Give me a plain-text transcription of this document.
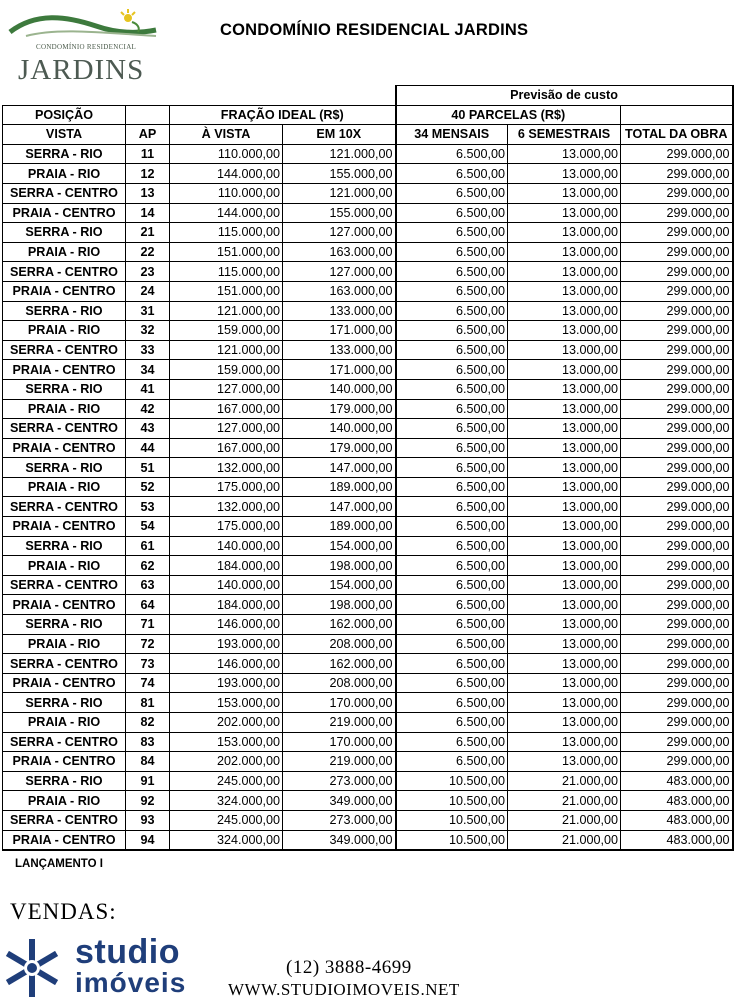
CONDOMÍNIO RESIDENCIAL
JARDINS
CONDOMÍNIO RESIDENCIAL JARDINS
				Previsão de custo		
POSIÇÃO		FRAÇÃO IDEAL (R$)		40 PARCELAS (R$)		
VISTA	AP	À VISTA	EM 10X	34 MENSAIS	6 SEMESTRAIS	TOTAL DA OBRA
SERRA - RIO	11	110.000,00	121.000,00	6.500,00	13.000,00	299.000,00
PRAIA - RIO	12	144.000,00	155.000,00	6.500,00	13.000,00	299.000,00
SERRA - CENTRO	13	110.000,00	121.000,00	6.500,00	13.000,00	299.000,00
PRAIA - CENTRO	14	144.000,00	155.000,00	6.500,00	13.000,00	299.000,00
SERRA - RIO	21	115.000,00	127.000,00	6.500,00	13.000,00	299.000,00
PRAIA - RIO	22	151.000,00	163.000,00	6.500,00	13.000,00	299.000,00
SERRA - CENTRO	23	115.000,00	127.000,00	6.500,00	13.000,00	299.000,00
PRAIA - CENTRO	24	151.000,00	163.000,00	6.500,00	13.000,00	299.000,00
SERRA - RIO	31	121.000,00	133.000,00	6.500,00	13.000,00	299.000,00
PRAIA - RIO	32	159.000,00	171.000,00	6.500,00	13.000,00	299.000,00
SERRA - CENTRO	33	121.000,00	133.000,00	6.500,00	13.000,00	299.000,00
PRAIA - CENTRO	34	159.000,00	171.000,00	6.500,00	13.000,00	299.000,00
SERRA - RIO	41	127.000,00	140.000,00	6.500,00	13.000,00	299.000,00
PRAIA - RIO	42	167.000,00	179.000,00	6.500,00	13.000,00	299.000,00
SERRA - CENTRO	43	127.000,00	140.000,00	6.500,00	13.000,00	299.000,00
PRAIA - CENTRO	44	167.000,00	179.000,00	6.500,00	13.000,00	299.000,00
SERRA - RIO	51	132.000,00	147.000,00	6.500,00	13.000,00	299.000,00
PRAIA - RIO	52	175.000,00	189.000,00	6.500,00	13.000,00	299.000,00
SERRA - CENTRO	53	132.000,00	147.000,00	6.500,00	13.000,00	299.000,00
PRAIA - CENTRO	54	175.000,00	189.000,00	6.500,00	13.000,00	299.000,00
SERRA - RIO	61	140.000,00	154.000,00	6.500,00	13.000,00	299.000,00
PRAIA - RIO	62	184.000,00	198.000,00	6.500,00	13.000,00	299.000,00
SERRA - CENTRO	63	140.000,00	154.000,00	6.500,00	13.000,00	299.000,00
PRAIA - CENTRO	64	184.000,00	198.000,00	6.500,00	13.000,00	299.000,00
SERRA - RIO	71	146.000,00	162.000,00	6.500,00	13.000,00	299.000,00
PRAIA - RIO	72	193.000,00	208.000,00	6.500,00	13.000,00	299.000,00
SERRA - CENTRO	73	146.000,00	162.000,00	6.500,00	13.000,00	299.000,00
PRAIA - CENTRO	74	193.000,00	208.000,00	6.500,00	13.000,00	299.000,00
SERRA - RIO	81	153.000,00	170.000,00	6.500,00	13.000,00	299.000,00
PRAIA - RIO	82	202.000,00	219.000,00	6.500,00	13.000,00	299.000,00
SERRA - CENTRO	83	153.000,00	170.000,00	6.500,00	13.000,00	299.000,00
PRAIA - CENTRO	84	202.000,00	219.000,00	6.500,00	13.000,00	299.000,00
SERRA - RIO	91	245.000,00	273.000,00	10.500,00	21.000,00	483.000,00
PRAIA - RIO	92	324.000,00	349.000,00	10.500,00	21.000,00	483.000,00
SERRA - CENTRO	93	245.000,00	273.000,00	10.500,00	21.000,00	483.000,00
PRAIA - CENTRO	94	324.000,00	349.000,00	10.500,00	21.000,00	483.000,00
LANÇAMENTO I
VENDAS:
studio
imóveis	(12) 3888-4699
WWW.STUDIOIMOVEIS.NET
